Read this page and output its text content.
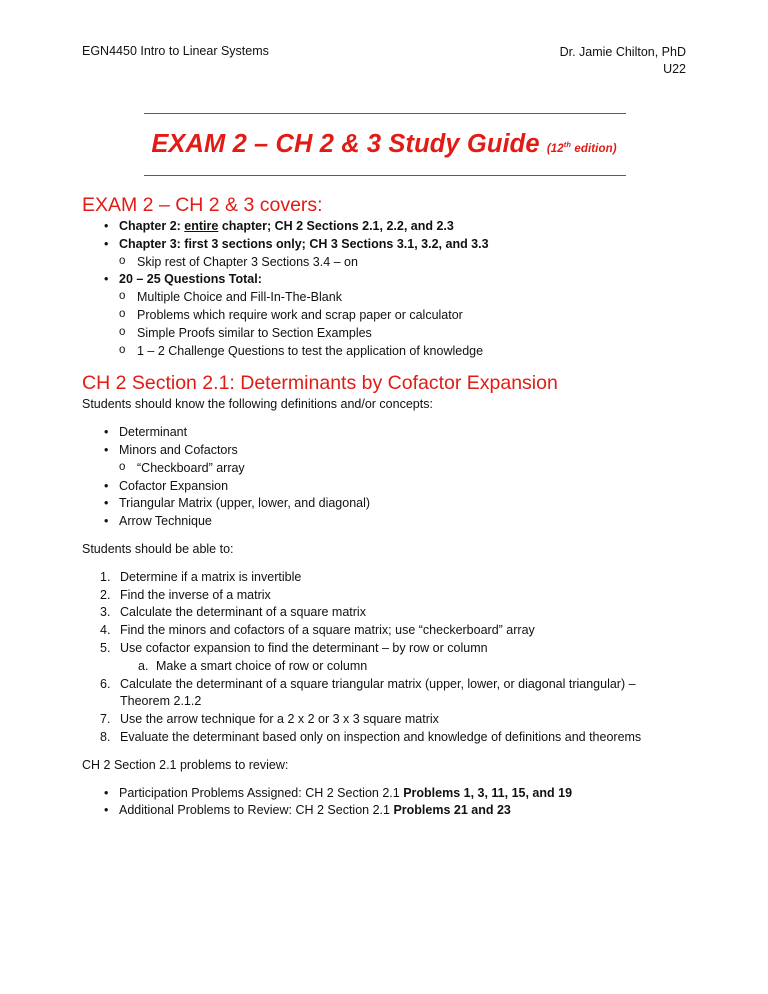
EGN4450 Intro to Linear Systems	Dr. Jamie Chilton, PhD
U22
EXAM 2 – CH 2 & 3 Study Guide (12th edition)
EXAM 2 – CH 2 & 3 covers:
• Chapter 2: entire chapter; CH 2 Sections 2.1, 2.2, and 2.3
• Chapter 3: first 3 sections only; CH 3 Sections 3.1, 3.2, and 3.3
o Skip rest of Chapter 3 Sections 3.4 – on
• 20 – 25 Questions Total:
o Multiple Choice and Fill-In-The-Blank
o Problems which require work and scrap paper or calculator
o Simple Proofs similar to Section Examples
o 1 – 2 Challenge Questions to test the application of knowledge
CH 2 Section 2.1: Determinants by Cofactor Expansion

Students should know the following definitions and/or concepts:

• Determinant
• Minors and Cofactors
o “Checkboard” array
• Cofactor Expansion
• Triangular Matrix (upper, lower, and diagonal)
• Arrow Technique

Students should be able to:

1. Determine if a matrix is invertible
2. Find the inverse of a matrix
3. Calculate the determinant of a square matrix
4. Find the minors and cofactors of a square matrix; use “checkerboard” array
5. Use cofactor expansion to find the determinant – by row or column
a. Make a smart choice of row or column
6. Calculate the determinant of a square triangular matrix (upper, lower, or diagonal triangular) –
Theorem 2.1.2
7. Use the arrow technique for a 2 x 2 or 3 x 3 square matrix
8. Evaluate the determinant based only on inspection and knowledge of definitions and theorems

CH 2 Section 2.1 problems to review:

• Participation Problems Assigned: CH 2 Section 2.1 Problems 1, 3, 11, 15, and 19
• Additional Problems to Review: CH 2 Section 2.1 Problems 21 and 23
